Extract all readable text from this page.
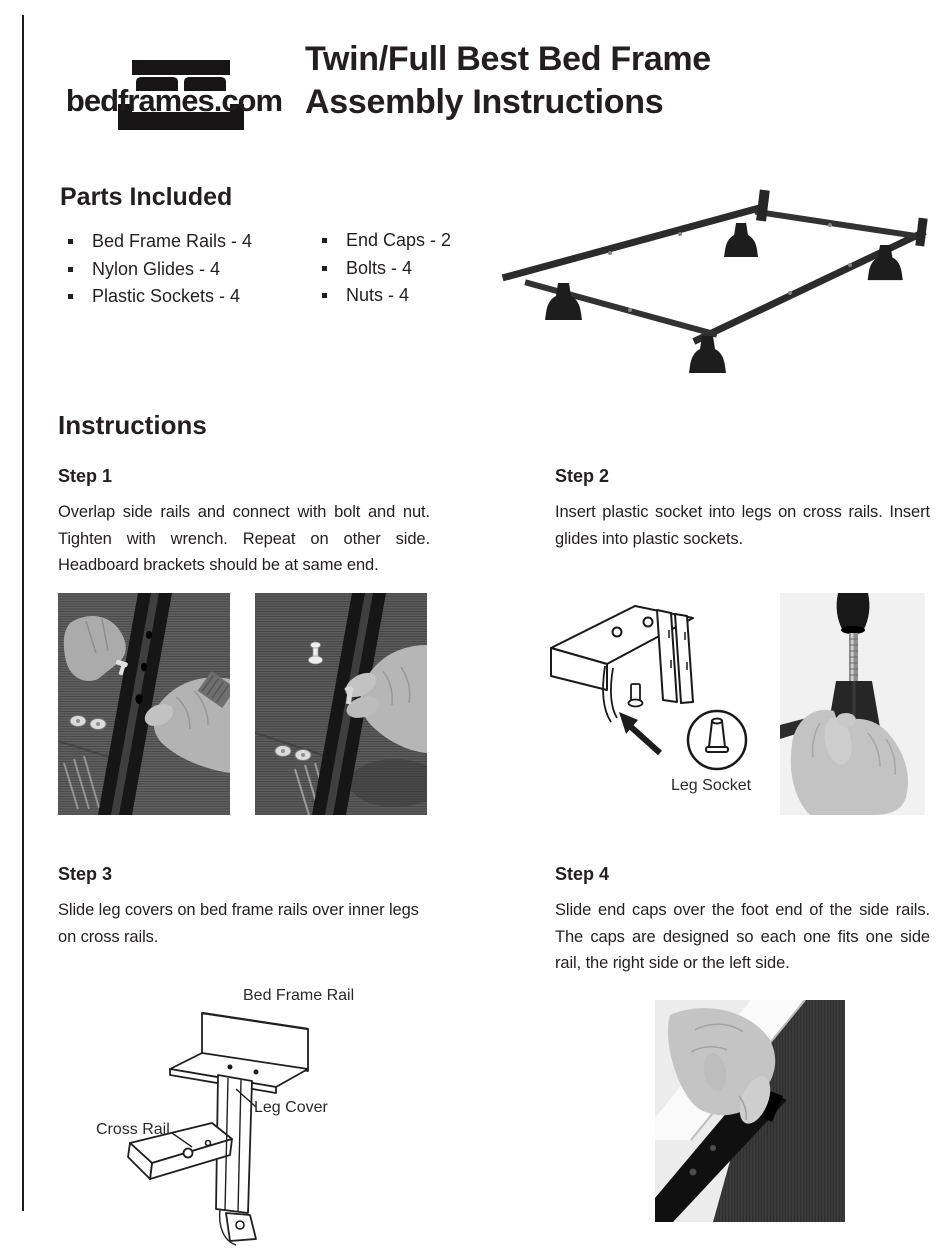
bedframes.com
Twin/Full Best Bed Frame
Assembly Instructions
Parts Included
Bed Frame Rails - 4
Nylon Glides - 4
Plastic Sockets - 4
End Caps - 2
Bolts - 4
Nuts - 4
Instructions
Step 1

Overlap side rails and connect with bolt and nut. Tighten with wrench. Repeat on other side. Headboard brackets should be at same end.

Step 2

Insert plastic socket into legs on cross rails. Insert glides into plastic sockets.

Leg Socket
Step 3

Slide leg covers on bed frame rails over inner legs on cross rails.

Step 4

Slide end caps over the foot end of the side rails. The caps are designed so each one fits one side rail, the right side or the left side.

Bed Frame Rail
Leg Cover
Cross Rail
